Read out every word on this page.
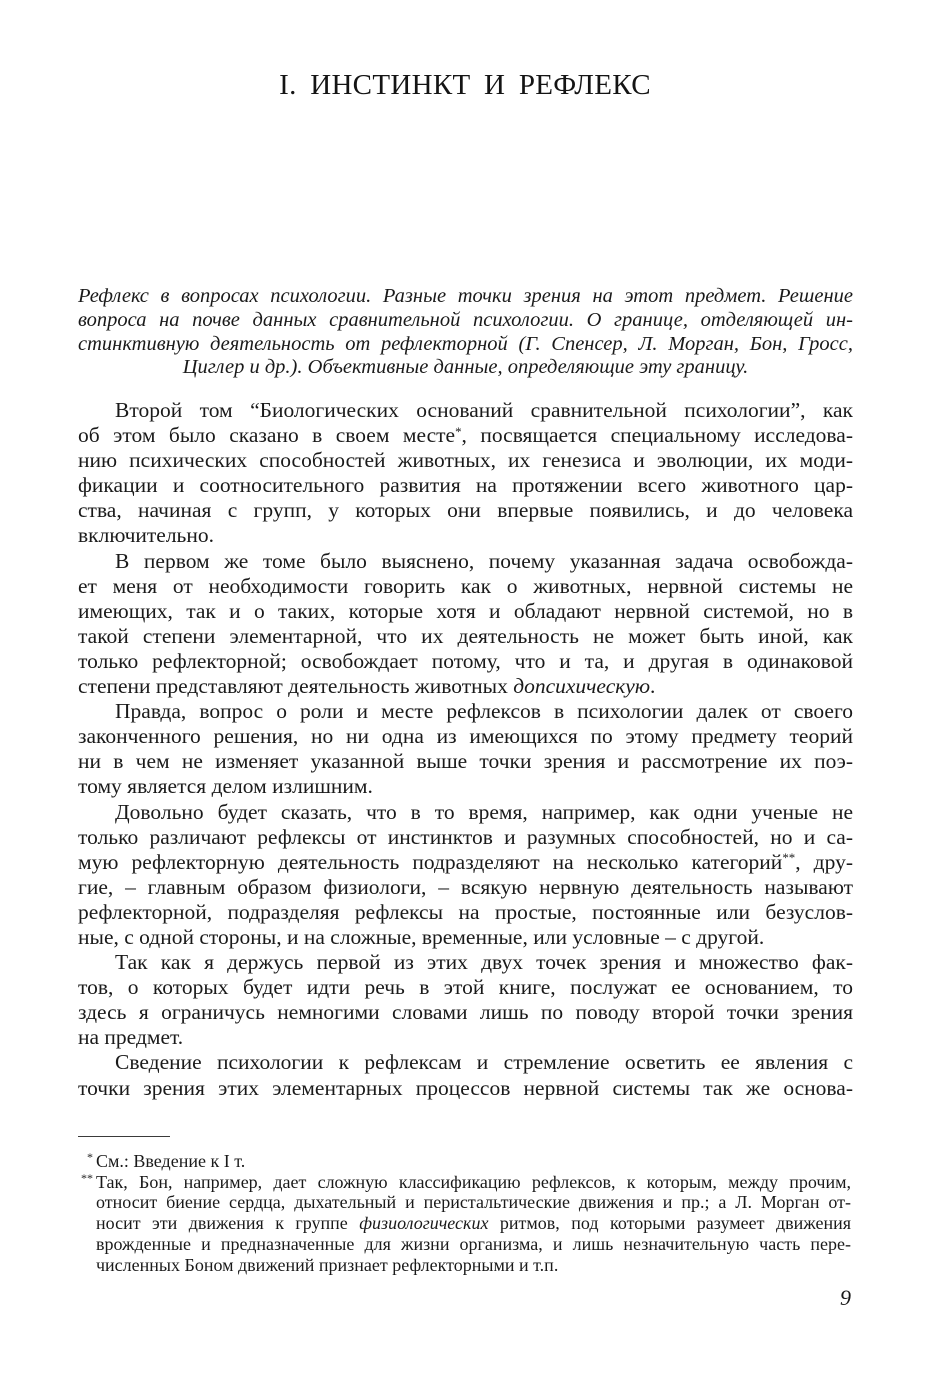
I. ИНСТИНКТ И РЕФЛЕКС
Рефлекс в вопросах психологии. Разные точки зрения на этот предмет. Решение
вопроса на почве данных сравнительной психологии. О границе, отделяющей ин-
стинктивную деятельность от рефлекторной (Г. Спенсер, Л. Морган, Бон, Гросс,
Циглер и др.). Объективные данные, определяющие эту границу.
Второй том “Биологических оснований сравнительной психологии”, как
об этом было сказано в своем месте*, посвящается специальному исследова-
нию психических способностей животных, их генезиса и эволюции, их моди-
фикации и соотносительного развития на протяжении всего животного цар-
ства, начиная с групп, у которых они впервые появились, и до человека
включительно.
В первом же томе было выяснено, почему указанная задача освобожда-
ет меня от необходимости говорить как о животных, нервной системы не
имеющих, так и о таких, которые хотя и обладают нервной системой, но в
такой степени элементарной, что их деятельность не может быть иной, как
только рефлекторной; освобождает потому, что и та, и другая в одинаковой
степени представляют деятельность животных допсихическую.
Правда, вопрос о роли и месте рефлексов в психологии далек от своего
законченного решения, но ни одна из имеющихся по этому предмету теорий
ни в чем не изменяет указанной выше точки зрения и рассмотрение их поэ-
тому является делом излишним.
Довольно будет сказать, что в то время, например, как одни ученые не
только различают рефлексы от инстинктов и разумных способностей, но и са-
мую рефлекторную деятельность подразделяют на несколько категорий**, дру-
гие, – главным образом физиологи, – всякую нервную деятельность называют
рефлекторной, подразделяя рефлексы на простые, постоянные или безуслов-
ные, с одной стороны, и на сложные, временные, или условные – с другой.
Так как я держусь первой из этих двух точек зрения и множество фак-
тов, о которых будет идти речь в этой книге, послужат ее основанием, то
здесь я ограничусь немногими словами лишь по поводу второй точки зрения
на предмет.
Сведение психологии к рефлексам и стремление осветить ее явления с
точки зрения этих элементарных процессов нервной системы так же основа-
* См.: Введение к I т.
** Так, Бон, например, дает сложную классификацию рефлексов, к которым, между прочим,
относит биение сердца, дыхательный и перистальтические движения и пр.; а Л. Морган от-
носит эти движения к группе физиологических ритмов, под которыми разумеет движения
врожденные и предназначенные для жизни организма, и лишь незначительную часть пере-
численных Боном движений признает рефлекторными и т.п.
9
